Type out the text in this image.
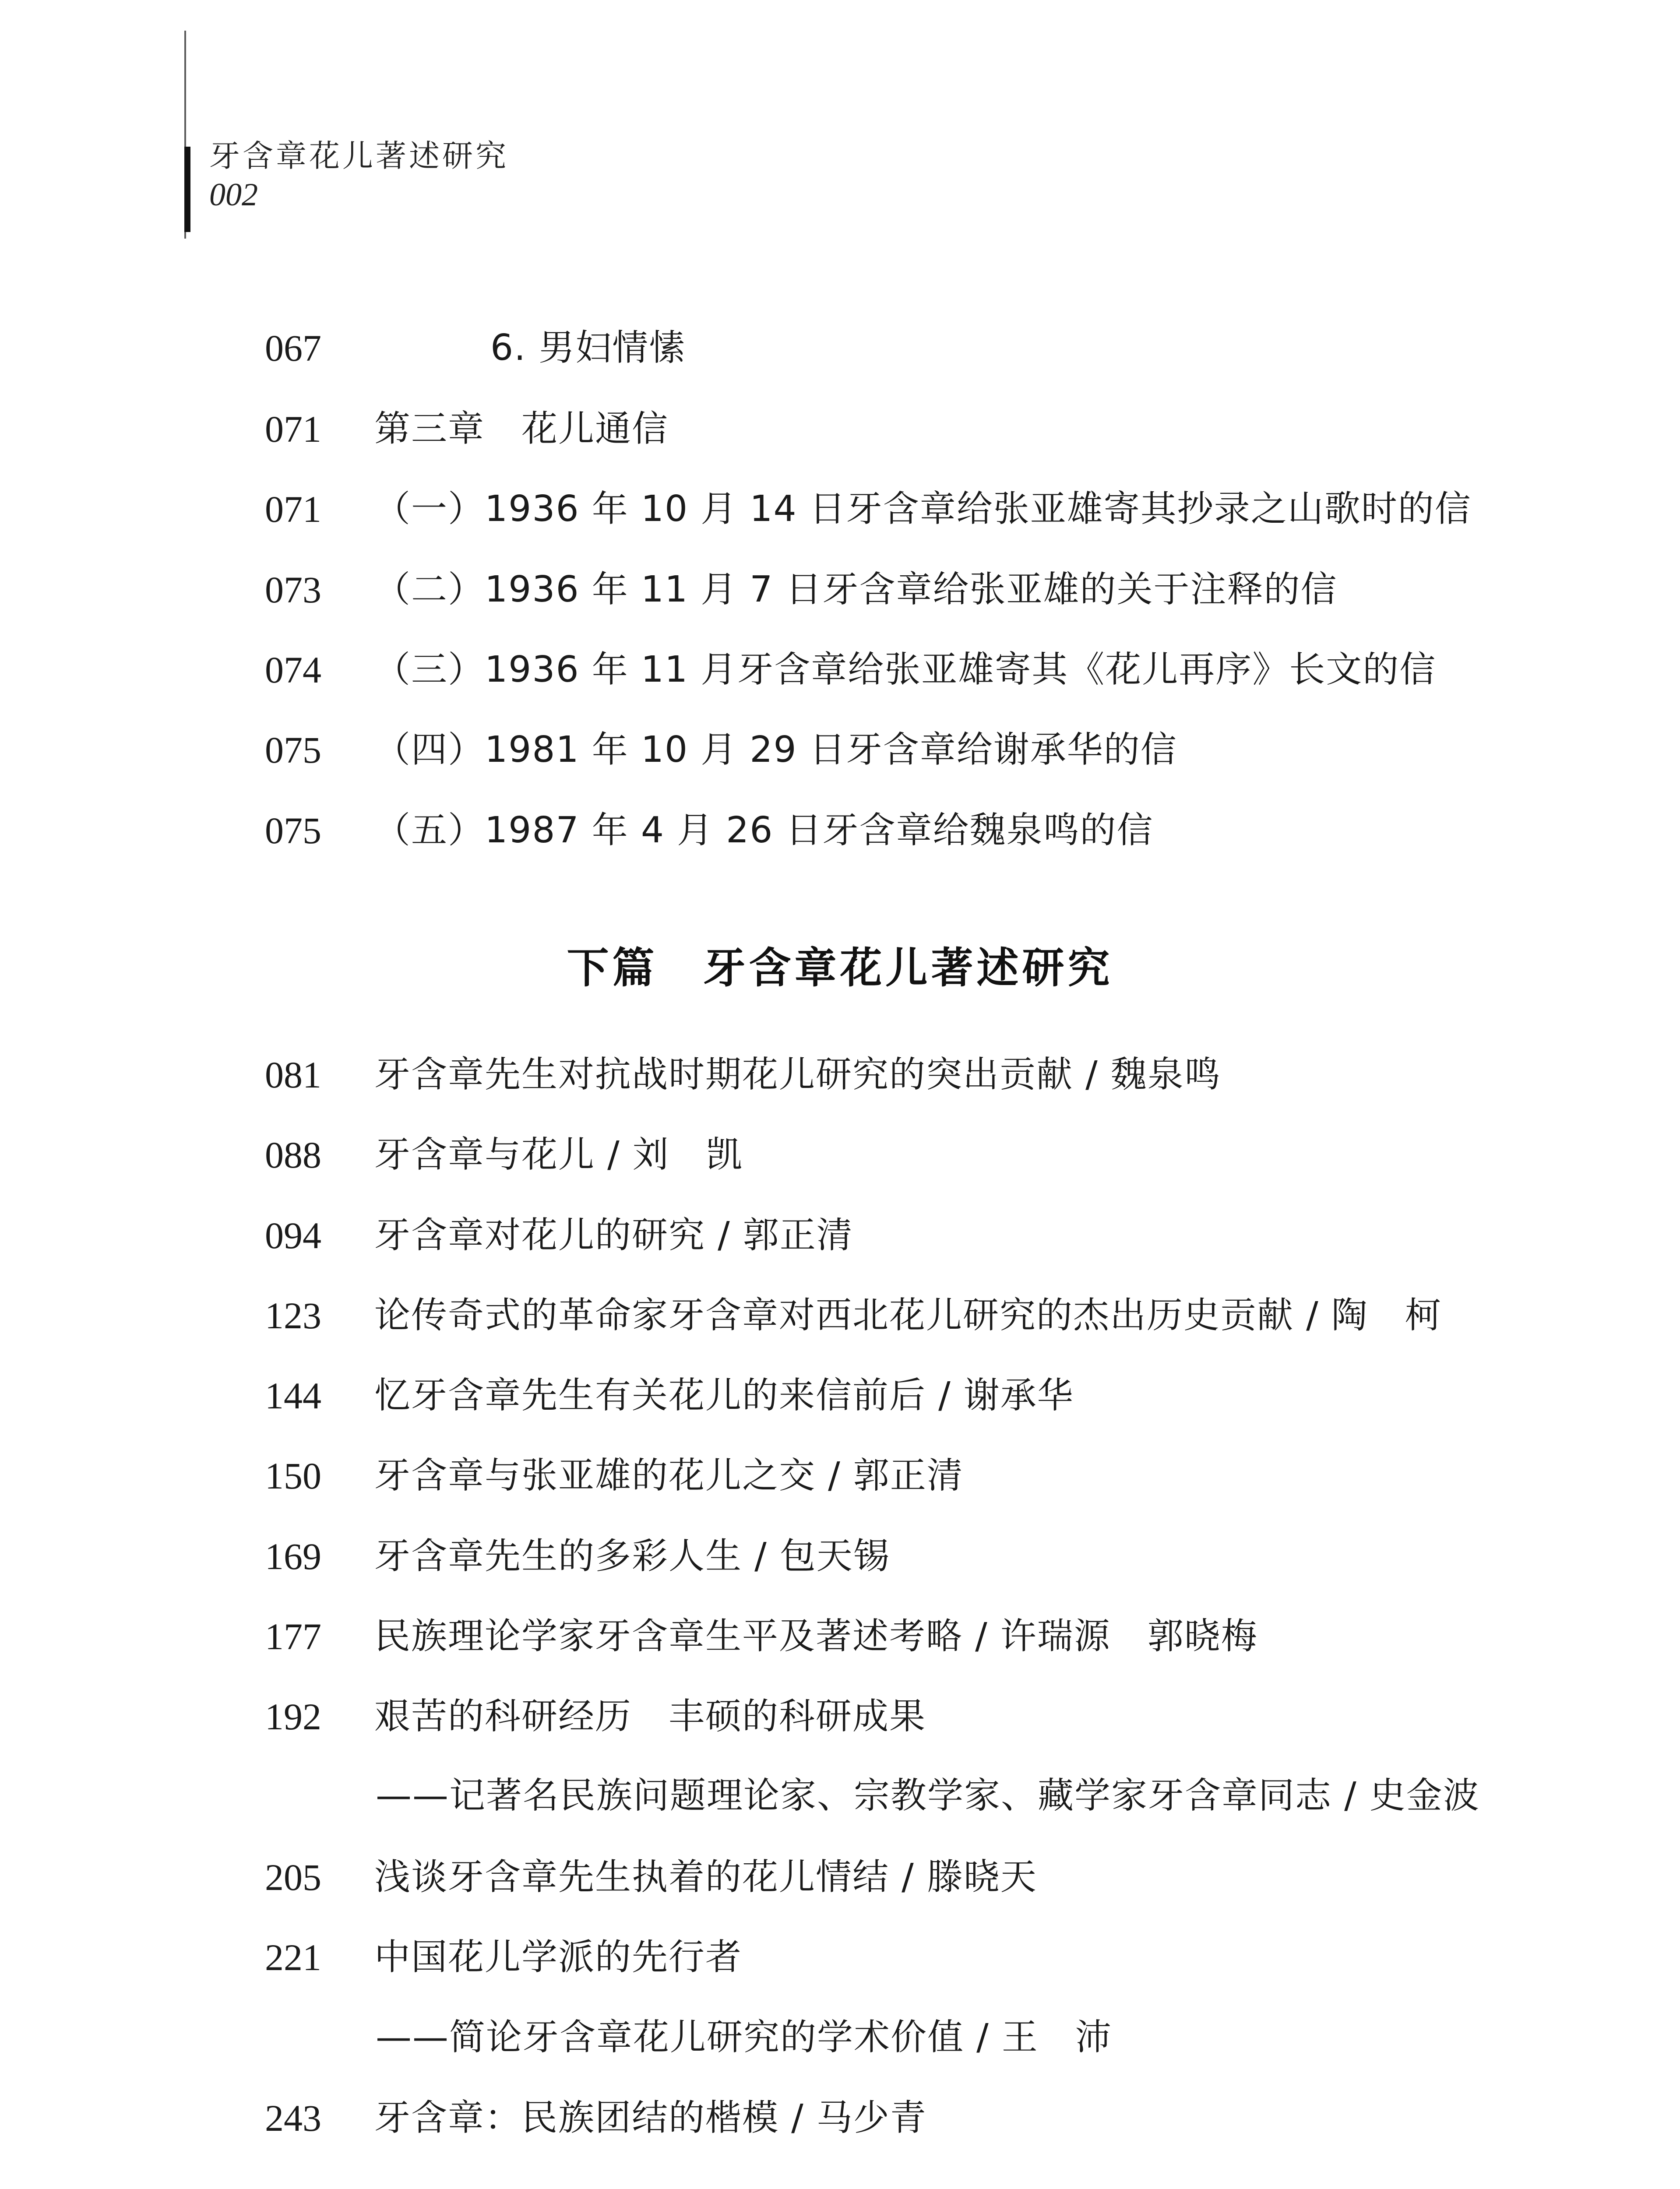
牙含章花儿著述研究
002
067	6. 男妇情愫
071 第三章　花儿通信
071 （一）1936 年 10 月 14 日牙含章给张亚雄寄其抄录之山歌时的信
073 （二）1936 年 11 月 7 日牙含章给张亚雄的关于注释的信
074 （三）1936 年 11 月牙含章给张亚雄寄其《花儿再序》长文的信
075 （四）1981 年 10 月 29 日牙含章给谢承华的信
075 （五）1987 年 4 月 26 日牙含章给魏泉鸣的信
下篇　牙含章花儿著述研究
081 牙含章先生对抗战时期花儿研究的突出贡献 / 魏泉鸣
088 牙含章与花儿 / 刘　凯
094 牙含章对花儿的研究 / 郭正清
123 论传奇式的革命家牙含章对西北花儿研究的杰出历史贡献 / 陶　柯
144 忆牙含章先生有关花儿的来信前后 / 谢承华
150 牙含章与张亚雄的花儿之交 / 郭正清
169 牙含章先生的多彩人生 / 包天锡
177 民族理论学家牙含章生平及著述考略 / 许瑞源　郭晓梅
192 艰苦的科研经历　丰硕的科研成果
——记著名民族问题理论家、宗教学家、藏学家牙含章同志 / 史金波
205 浅谈牙含章先生执着的花儿情结 / 滕晓天
221 中国花儿学派的先行者
——简论牙含章花儿研究的学术价值 / 王　沛
243 牙含章：民族团结的楷模 / 马少青
